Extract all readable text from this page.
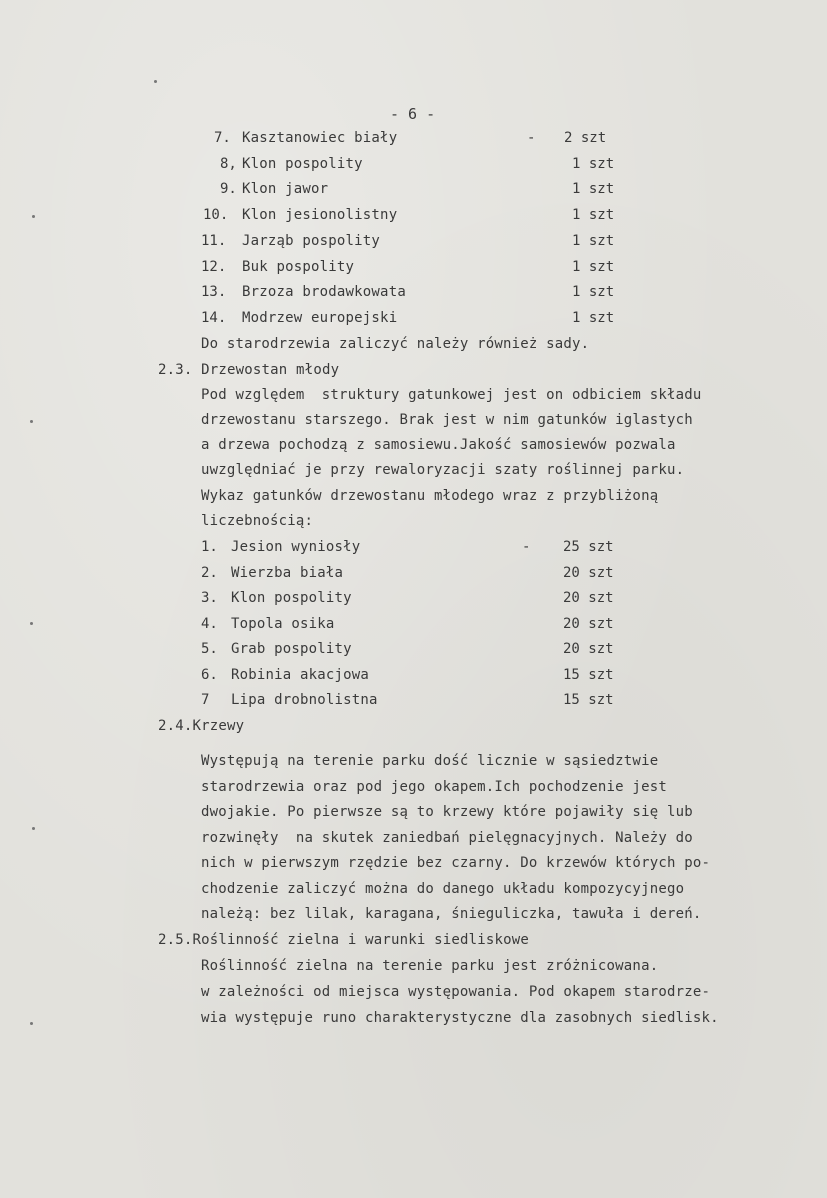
- 6 -
7. Kasztanowiec biały	- 2 szt
8, Klon pospolity	1 szt
9. Klon jawor	1 szt
10. Klon jesionolistny	1 szt
11. Jarząb pospolity	1 szt
12. Buk pospolity	1 szt
13. Brzoza brodawkowata	1 szt
14. Modrzew europejski	1 szt
Do starodrzewia zaliczyć należy również sady.
2.3. Drzewostan młody
Pod względem  struktury gatunkowej jest on odbiciem składu
drzewostanu starszego. Brak jest w nim gatunków iglastych
a drzewa pochodzą z samosiewu.Jakość samosiewów pozwala
uwzględniać je przy rewaloryzacji szaty roślinnej parku.
Wykaz gatunków drzewostanu młodego wraz z przybliżoną
liczebnością:
1. Jesion wyniosły	- 25 szt
2. Wierzba biała	20 szt
3. Klon pospolity	20 szt
4. Topola osika	20 szt
5. Grab pospolity	20 szt
6. Robinia akacjowa	15 szt
7 Lipa drobnolistna	15 szt
2.4.Krzewy
Występują na terenie parku dość licznie w sąsiedztwie
starodrzewia oraz pod jego okapem.Ich pochodzenie jest
dwojakie. Po pierwsze są to krzewy które pojawiły się lub
rozwinęły  na skutek zaniedbań pielęgnacyjnych. Należy do
nich w pierwszym rzędzie bez czarny. Do krzewów których po-
chodzenie zaliczyć można do danego układu kompozycyjnego
należą: bez lilak, karagana, śnieguliczka, tawuła i dereń.
2.5.Roślinność zielna i warunki siedliskowe
Roślinność zielna na terenie parku jest zróżnicowana.
w zależności od miejsca występowania. Pod okapem starodrze-
wia występuje runo charakterystyczne dla zasobnych siedlisk.
